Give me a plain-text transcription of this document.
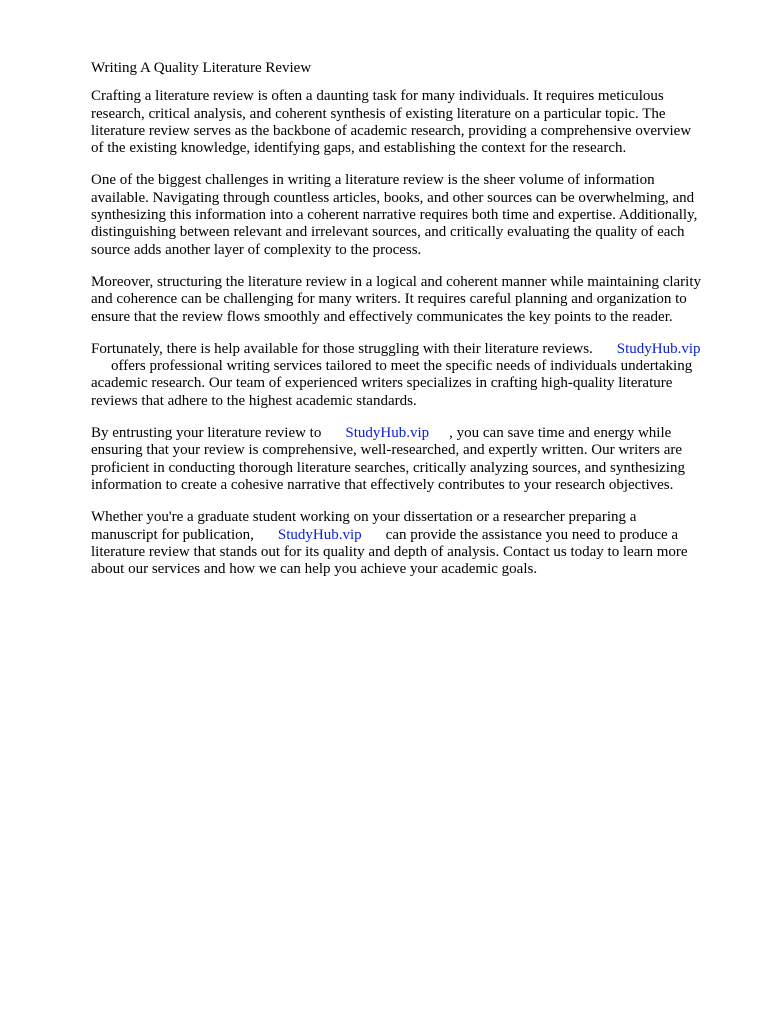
Writing A Quality Literature Review

Crafting a literature review is often a daunting task for many individuals. It requires meticulous
research, critical analysis, and coherent synthesis of existing literature on a particular topic. The
literature review serves as the backbone of academic research, providing a comprehensive overview
of the existing knowledge, identifying gaps, and establishing the context for the research.

One of the biggest challenges in writing a literature review is the sheer volume of information
available. Navigating through countless articles, books, and other sources can be overwhelming, and
synthesizing this information into a coherent narrative requires both time and expertise. Additionally,
distinguishing between relevant and irrelevant sources, and critically evaluating the quality of each
source adds another layer of complexity to the process.

Moreover, structuring the literature review in a logical and coherent manner while maintaining clarity
and coherence can be challenging for many writers. It requires careful planning and organization to
ensure that the review flows smoothly and effectively communicates the key points to the reader.

Fortunately, there is help available for those struggling with their literature reviews. StudyHub.vip
offers professional writing services tailored to meet the specific needs of individuals undertaking
academic research. Our team of experienced writers specializes in crafting high-quality literature
reviews that adhere to the highest academic standards.

By entrusting your literature review to StudyHub.vip , you can save time and energy while
ensuring that your review is comprehensive, well-researched, and expertly written. Our writers are
proficient in conducting thorough literature searches, critically analyzing sources, and synthesizing
information to create a cohesive narrative that effectively contributes to your research objectives.

Whether you're a graduate student working on your dissertation or a researcher preparing a
manuscript for publication, StudyHub.vip can provide the assistance you need to produce a
literature review that stands out for its quality and depth of analysis. Contact us today to learn more
about our services and how we can help you achieve your academic goals.
